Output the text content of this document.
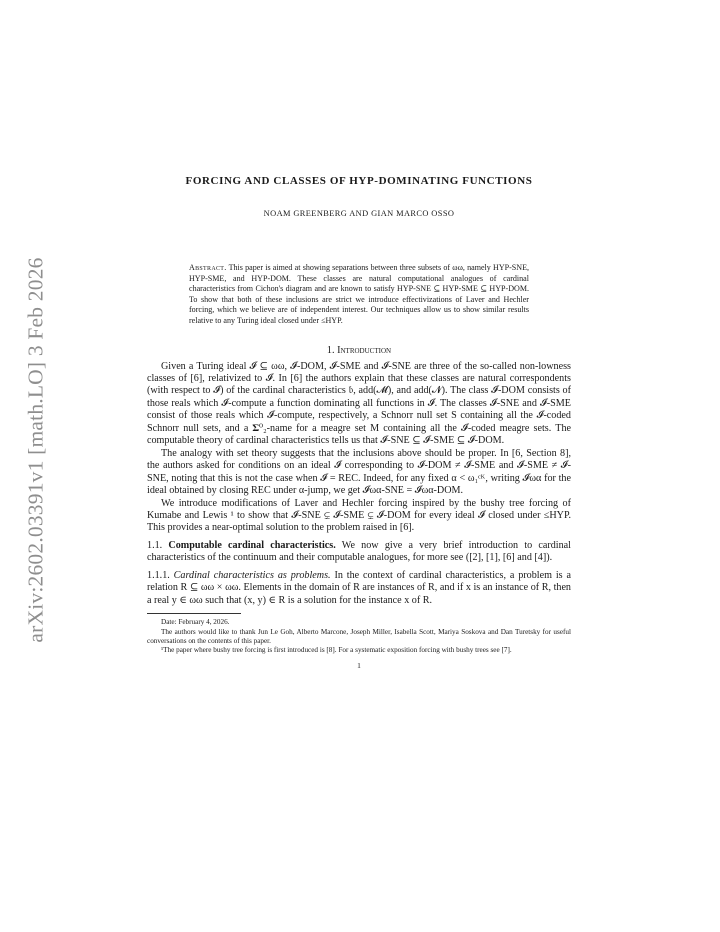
arXiv:2602.03391v1 [math.LO] 3 Feb 2026
FORCING AND CLASSES OF HYP-DOMINATING FUNCTIONS
NOAM GREENBERG AND GIAN MARCO OSSO
Abstract. This paper is aimed at showing separations between three subsets of ωω, namely HYP-SNE, HYP-SME, and HYP-DOM. These classes are natural computational analogues of cardinal characteristics from Cichon's diagram and are known to satisfy HYP-SNE ⊆ HYP-SME ⊆ HYP-DOM. To show that both of these inclusions are strict we introduce effectivizations of Laver and Hechler forcing, which we believe are of independent interest. Our techniques allow us to show similar results relative to any Turing ideal closed under ≤HYP.
1. Introduction

Given a Turing ideal 𝓘 ⊆ ωω, 𝓘-DOM, 𝓘-SME and 𝓘-SNE are three of the so-called non-lowness classes of [6], relativized to 𝓘. In [6] the authors explain that these classes are natural correspondents (with respect to 𝓘) of the cardinal characteristics 𝔟, add(𝓜), and add(𝓝). The class 𝓘-DOM consists of those reals which 𝓘-compute a function dominating all functions in 𝓘. The classes 𝓘-SNE and 𝓘-SME consist of those reals which 𝓘-compute, respectively, a Schnorr null set S containing all the 𝓘-coded Schnorr null sets, and a 𝚺⁰₂-name for a meagre set M containing all the 𝓘-coded meagre sets. The computable theory of cardinal characteristics tells us that 𝓘-SNE ⊆ 𝓘-SME ⊆ 𝓘-DOM.

The analogy with set theory suggests that the inclusions above should be proper. In [6, Section 8], the authors asked for conditions on an ideal 𝓘 corresponding to 𝓘-DOM ≠ 𝓘-SME and 𝓘-SME ≠ 𝓘-SNE, noting that this is not the case when 𝓘 = REC. Indeed, for any fixed α < ω₁ᶜᴷ, writing 𝓘ωα for the ideal obtained by closing REC under α-jump, we get 𝓘ωα-SNE = 𝓘ωα-DOM.

We introduce modifications of Laver and Hechler forcing inspired by the bushy tree forcing of Kumabe and Lewis ¹ to show that 𝓘-SNE ⊊ 𝓘-SME ⊊ 𝓘-DOM for every ideal 𝓘 closed under ≤HYP. This provides a near-optimal solution to the problem raised in [6].

1.1. Computable cardinal characteristics. We now give a very brief introduction to cardinal characteristics of the continuum and their computable analogues, for more see ([2], [1], [6] and [4]).

1.1.1. Cardinal characteristics as problems. In the context of cardinal characteristics, a problem is a relation R ⊆ ωω × ωω. Elements in the domain of R are instances of R, and if x is an instance of R, then a real y ∈ ωω such that (x, y) ∈ R is a solution for the instance x of R.

Date: February 4, 2026.
The authors would like to thank Jun Le Goh, Alberto Marcone, Joseph Miller, Isabella Scott, Mariya Soskova and Dan Turetsky for useful conversations on the contents of this paper.
¹The paper where bushy tree forcing is first introduced is [8]. For a systematic exposition forcing with bushy trees see [7].
1
